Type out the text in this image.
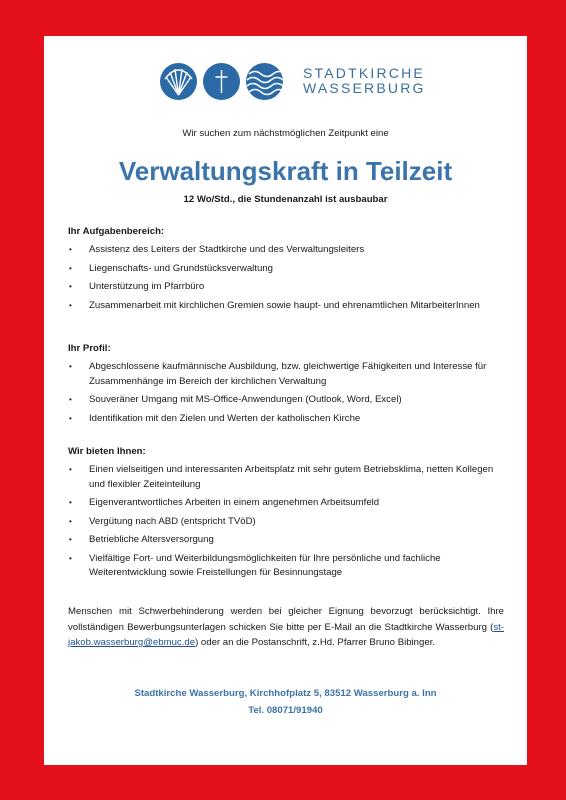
STADTKIRCHE
WASSERBURG
Wir suchen zum nächstmöglichen Zeitpunkt eine
Verwaltungskraft in Teilzeit
12 Wo/Std., die Stundenanzahl ist ausbaubar
Ihr Aufgabenbereich:
• Assistenz des Leiters der Stadtkirche und des Verwaltungsleiters
• Liegenschafts- und Grundstücksverwaltung
• Unterstützung im Pfarrbüro
• Zusammenarbeit mit kirchlichen Gremien sowie haupt- und ehrenamtlichen MitarbeiterInnen
Ihr Profil:
• Abgeschlossene kaufmännische Ausbildung, bzw. gleichwertige Fähigkeiten und Interesse für Zusammenhänge im Bereich der kirchlichen Verwaltung
• Souveräner Umgang mit MS-Office-Anwendungen (Outlook, Word, Excel)
• Identifikation mit den Zielen und Werten der katholischen Kirche
Wir bieten Ihnen:
• Einen vielseitigen und interessanten Arbeitsplatz mit sehr gutem Betriebsklima, netten Kollegen und flexibler Zeiteinteilung
• Eigenverantwortliches Arbeiten in einem angenehmen Arbeitsumfeld
• Vergütung nach ABD (entspricht TVöD)
• Betriebliche Altersversorgung
• Vielfältige Fort- und Weiterbildungsmöglichkeiten für Ihre persönliche und fachliche Weiterentwicklung sowie Freistellungen für Besinnungstage
Menschen mit Schwerbehinderung werden bei gleicher Eignung bevorzugt berücksichtigt. Ihre vollständigen Bewerbungsunterlagen schicken Sie bitte per E-Mail an die Stadtkirche Wasserburg (st-jakob.wasserburg@ebmuc.de) oder an die Postanschrift, z.Hd. Pfarrer Bruno Bibinger.
Stadtkirche Wasserburg, Kirchhofplatz 5, 83512 Wasserburg a. Inn
Tel. 08071/91940
